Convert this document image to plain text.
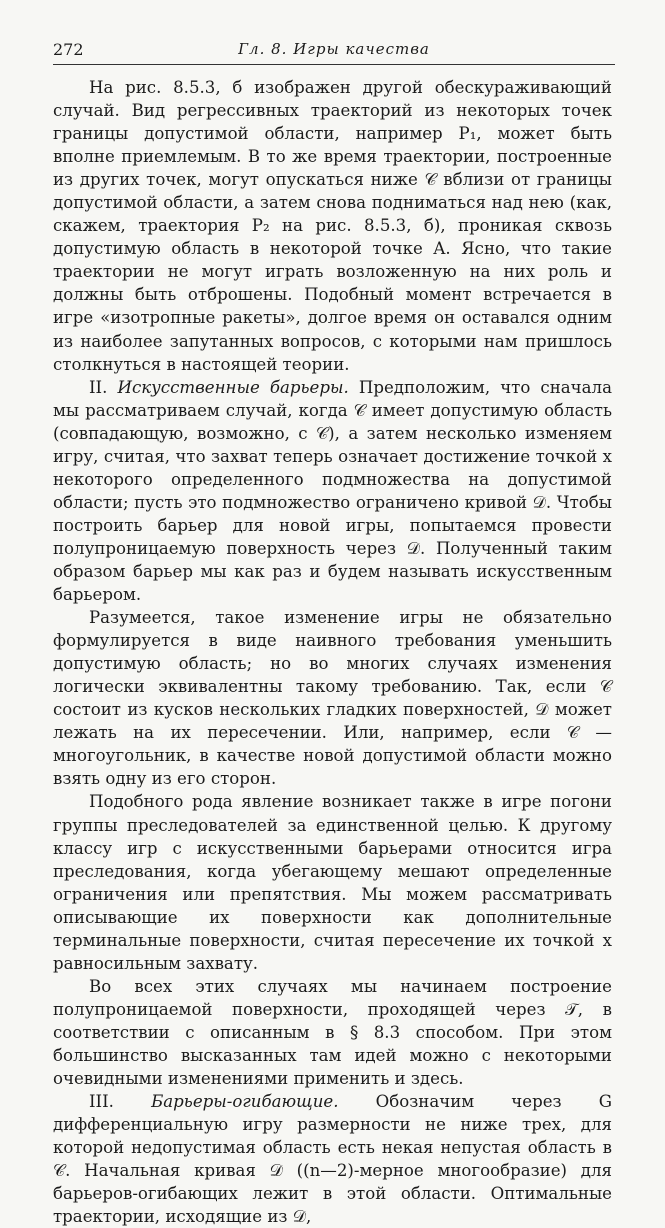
272	Гл. 8. Игры качества

На рис. 8.5.3, б изображен другой обескураживающий случай. Вид регрессивных траекторий из некоторых точек границы допустимой области, например P₁, может быть вполне приемлемым. В то же время траектории, построенные из других точек, могут опускаться ниже 𝒞 вблизи от границы допустимой области, а затем снова подниматься над нею (как, скажем, траектория P₂ на рис. 8.5.3, б), проникая сквозь допустимую область в некоторой точке A. Ясно, что такие траектории не могут играть возложенную на них роль и должны быть отброшены. Подобный момент встречается в игре «изотропные ракеты», долгое время он оставался одним из наиболее запутанных вопросов, с которыми нам пришлось столкнуться в настоящей теории.

II. Искусственные барьеры. Предположим, что сначала мы рассматриваем случай, когда 𝒞 имеет допустимую область (совпадающую, возможно, с 𝒞), а затем несколько изменяем игру, считая, что захват теперь означает достижение точкой x некоторого определенного подмножества на допустимой области; пусть это подмножество ограничено кривой 𝒟. Чтобы построить барьер для новой игры, попытаемся провести полупроницаемую поверхность через 𝒟. Полученный таким образом барьер мы как раз и будем называть искусственным барьером.

Разумеется, такое изменение игры не обязательно формулируется в виде наивного требования уменьшить допустимую область; но во многих случаях изменения логически эквивалентны такому требованию. Так, если 𝒞 состоит из кусков нескольких гладких поверхностей, 𝒟 может лежать на их пересечении. Или, например, если 𝒞 — многоугольник, в качестве новой допустимой области можно взять одну из его сторон.

Подобного рода явление возникает также в игре погони группы преследователей за единственной целью. К другому классу игр с искусственными барьерами относится игра преследования, когда убегающему мешают определенные ограничения или препятствия. Мы можем рассматривать описывающие их поверхности как дополнительные терминальные поверхности, считая пересечение их точкой x равносильным захвату.

Во всех этих случаях мы начинаем построение полупроницаемой поверхности, проходящей через 𝒯, в соответствии с описанным в § 8.3 способом. При этом большинство высказанных там идей можно с некоторыми очевидными изменениями применить и здесь.

III. Барьеры-огибающие. Обозначим через G дифференциальную игру размерности не ниже трех, для которой недопустимая область есть некая непустая область в 𝒞. Начальная кривая 𝒟 ((n—2)-мерное многообразие) для барьеров-огибающих лежит в этой области. Оптимальные траектории, исходящие из 𝒟,
